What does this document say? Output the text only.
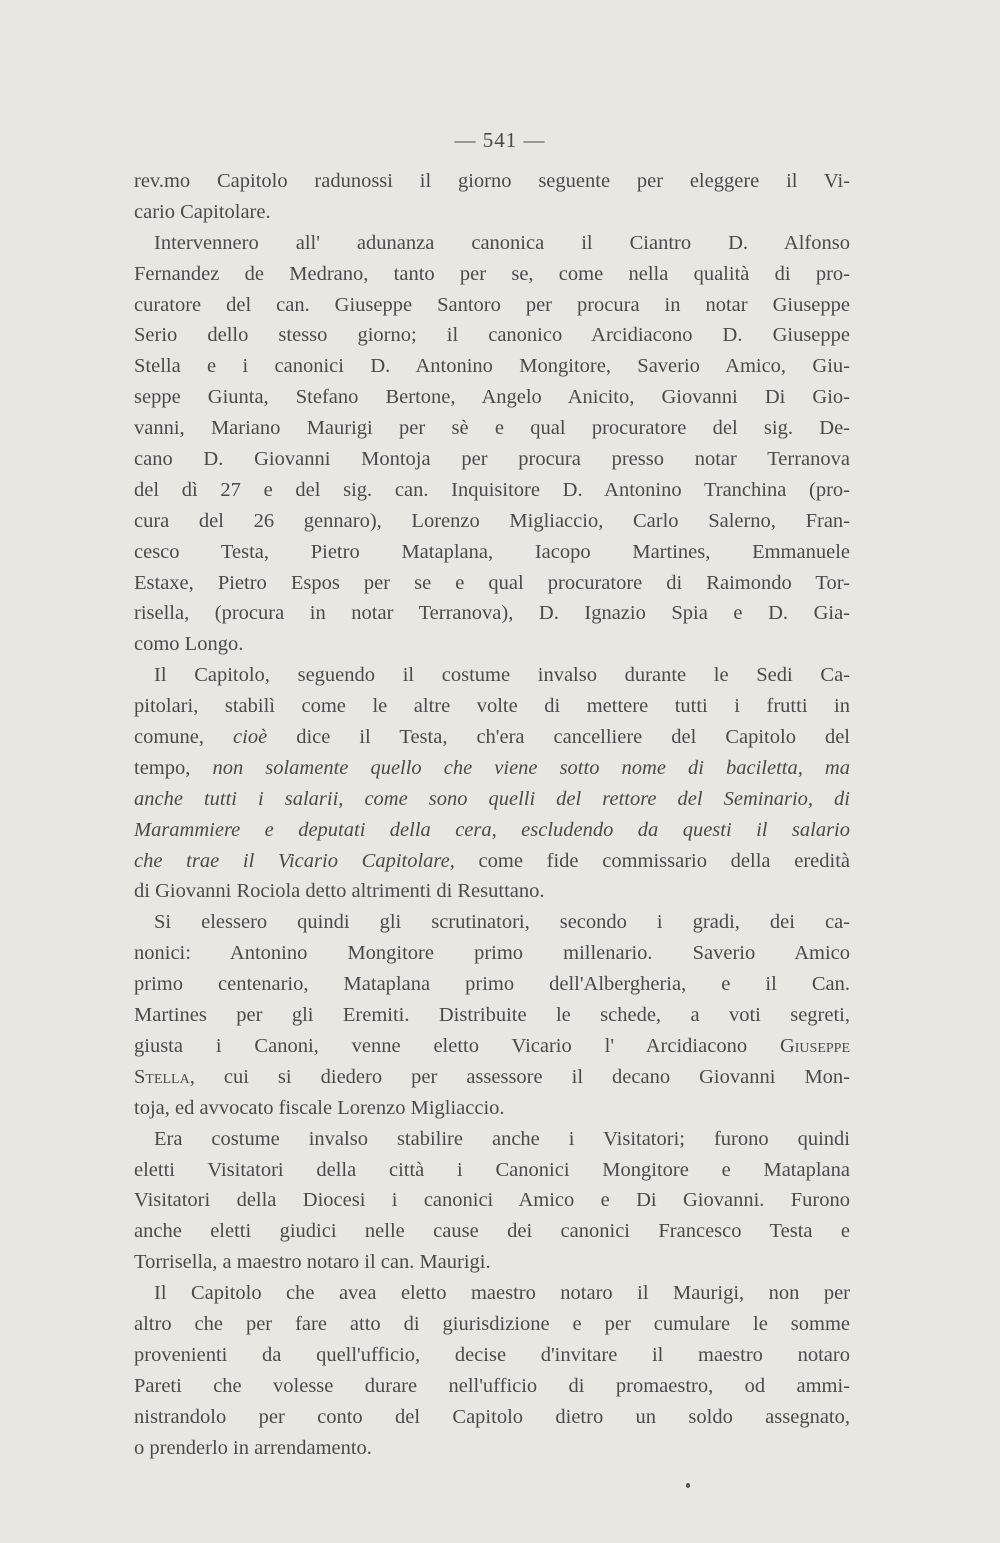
— 541 —
rev.mo Capitolo radunossi il giorno seguente per eleggere il Vi-
cario Capitolare.
Intervennero all' adunanza canonica il Ciantro D. Alfonso
Fernandez de Medrano, tanto per se, come nella qualità di pro-
curatore del can. Giuseppe Santoro per procura in notar Giuseppe
Serio dello stesso giorno; il canonico Arcidiacono D. Giuseppe
Stella e i canonici D. Antonino Mongitore, Saverio Amico, Giu-
seppe Giunta, Stefano Bertone, Angelo Anicito, Giovanni Di Gio-
vanni, Mariano Maurigi per sè e qual procuratore del sig. De-
cano D. Giovanni Montoja per procura presso notar Terranova
del dì 27 e del sig. can. Inquisitore D. Antonino Tranchina (pro-
cura del 26 gennaro), Lorenzo Migliaccio, Carlo Salerno, Fran-
cesco Testa, Pietro Mataplana, Iacopo Martines, Emmanuele
Estaxe, Pietro Espos per se e qual procuratore di Raimondo Tor-
risella, (procura in notar Terranova), D. Ignazio Spia e D. Gia-
como Longo.
Il Capitolo, seguendo il costume invalso durante le Sedi Ca-
pitolari, stabilì come le altre volte di mettere tutti i frutti in
comune, cioè dice il Testa, ch'era cancelliere del Capitolo del
tempo, non solamente quello che viene sotto nome di baciletta, ma
anche tutti i salarii, come sono quelli del rettore del Seminario, di
Marammiere e deputati della cera, escludendo da questi il salario
che trae il Vicario Capitolare, come fide commissario della eredità
di Giovanni Rociola detto altrimenti di Resuttano.
Si elessero quindi gli scrutinatori, secondo i gradi, dei ca-
nonici: Antonino Mongitore primo millenario. Saverio Amico
primo centenario, Mataplana primo dell'Albergheria, e il Can.
Martines per gli Eremiti. Distribuite le schede, a voti segreti,
giusta i Canoni, venne eletto Vicario l' Arcidiacono Giuseppe
Stella, cui si diedero per assessore il decano Giovanni Mon-
toja, ed avvocato fiscale Lorenzo Migliaccio.
Era costume invalso stabilire anche i Visitatori; furono quindi
eletti Visitatori della città i Canonici Mongitore e Mataplana
Visitatori della Diocesi i canonici Amico e Di Giovanni. Furono
anche eletti giudici nelle cause dei canonici Francesco Testa e
Torrisella, a maestro notaro il can. Maurigi.
Il Capitolo che avea eletto maestro notaro il Maurigi, non per
altro che per fare atto di giurisdizione e per cumulare le somme
provenienti da quell'ufficio, decise d'invitare il maestro notaro
Pareti che volesse durare nell'ufficio di promaestro, od ammi-
nistrandolo per conto del Capitolo dietro un soldo assegnato,
o prenderlo in arrendamento.
